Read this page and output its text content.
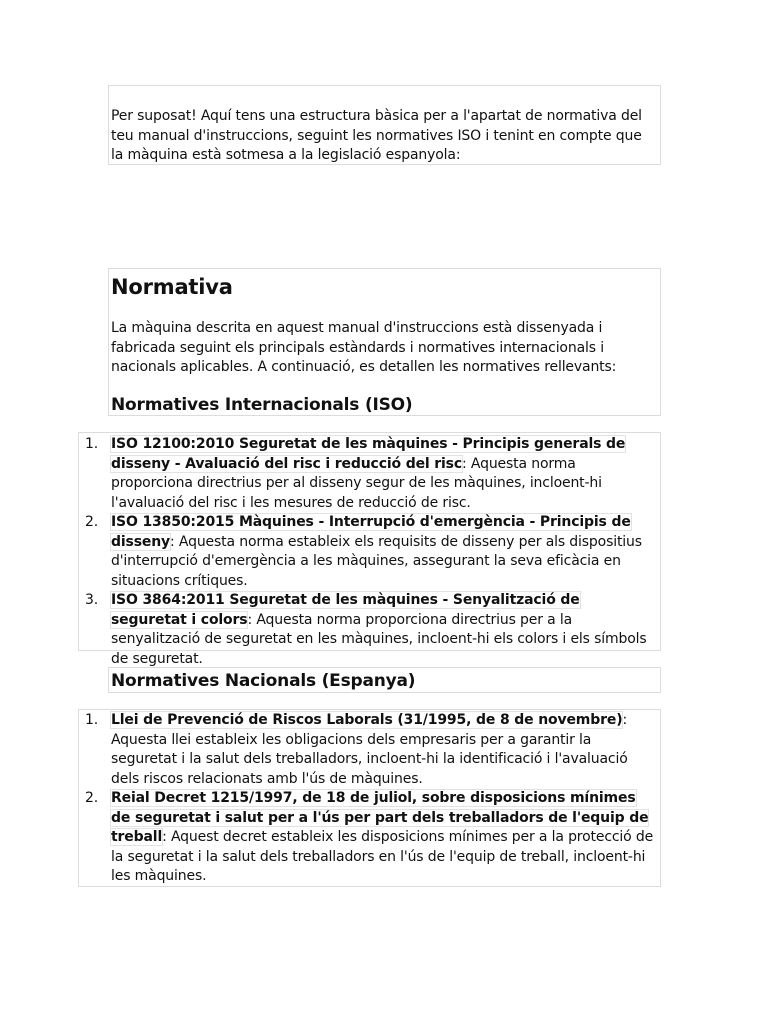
Per suposat! Aquí tens una estructura bàsica per a l'apartat de normativa del teu manual d'instruccions, seguint les normatives ISO i tenint en compte que la màquina està sotmesa a la legislació espanyola:

Normativa

La màquina descrita en aquest manual d'instruccions està dissenyada i fabricada seguint els principals estàndards i normatives internacionals i nacionals aplicables. A continuació, es detallen les normatives rellevants:

Normatives Internacionals (ISO)
1. ISO 12100:2010 Seguretat de les màquines - Principis generals de disseny - Avaluació del risc i reducció del risc: Aquesta norma proporciona directrius per al disseny segur de les màquines, incloent-hi l'avaluació del risc i les mesures de reducció de risc.
2. ISO 13850:2015 Màquines - Interrupció d'emergència - Principis de disseny: Aquesta norma estableix els requisits de disseny per als dispositius d'interrupció d'emergència a les màquines, assegurant la seva eficàcia en situacions crítiques.
3. ISO 3864:2011 Seguretat de les màquines - Senyalització de seguretat i colors: Aquesta norma proporciona directrius per a la senyalització de seguretat en les màquines, incloent-hi els colors i els símbols de seguretat.
Normatives Nacionals (Espanya)
1. Llei de Prevenció de Riscos Laborals (31/1995, de 8 de novembre): Aquesta llei estableix les obligacions dels empresaris per a garantir la seguretat i la salut dels treballadors, incloent-hi la identificació i l'avaluació dels riscos relacionats amb l'ús de màquines.
2. Reial Decret 1215/1997, de 18 de juliol, sobre disposicions mínimes de seguretat i salut per a l'ús per part dels treballadors de l'equip de treball: Aquest decret estableix les disposicions mínimes per a la protecció de la seguretat i la salut dels treballadors en l'ús de l'equip de treball, incloent-hi les màquines.
